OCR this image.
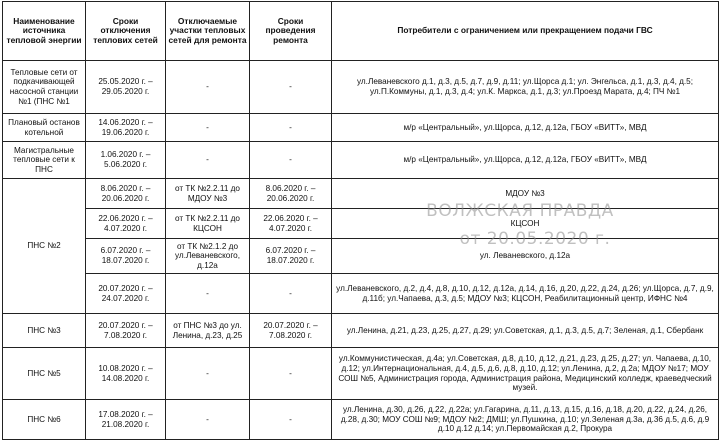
Наименование источника тепловой энергии	Сроки отключения теплових сетей	Отключаемые участки тепловых сетей для ремонта	Сроки проведения ремонта	Потребители с ограничением или прекращением подачи ГВС
Тепловые сети от подкачивающей насосной станции №1 (ПНС №1	25.05.2020 г. – 29.05.2020 г.	-	-	ул.Леваневского д.1, д.3, д.5, д.7, д.9, д.11; ул.Щорса д.1; ул. Энгельса, д.1, д.3, д.4, д.5; ул.П.Коммуны, д.1, д.3, д.4; ул.К. Маркса, д.1, д.3; ул.Проезд Марата, д.4; ПЧ №1
Плановый останов котельной	14.06.2020 г. – 19.06.2020 г.	-	-	м/р «Центральный», ул.Щорса, д.12, д.12а, ГБОУ «ВИТТ», МВД
Магистральные тепловые сети к ПНС	1.06.2020 г. – 5.06.2020 г.	-	-	м/р «Центральный», ул.Щорса, д.12, д.12а, ГБОУ «ВИТТ», МВД
ПНС №2	8.06.2020 г. – 20.06.2020 г.	от ТК №2.2.11 до МДОУ №3	8.06.2020 г. – 20.06.2020 г.	МДОУ №3
	22.06.2020 г. – 4.07.2020 г.	от ТК №2.2.11 до КЦСОН	22.06.2020 г. – 4.07.2020 г.	КЦСОН
	6.07.2020 г. – 18.07.2020 г.	от ТК №2.1.2 до ул.Леваневского, д.12а	6.07.2020 г. – 18.07.2020 г.	ул. Леваневского, д.12а
	20.07.2020 г. – 24.07.2020 г.	-	-	ул.Леваневского, д.2, д.4, д.8, д.10, д.12, д.12а, д.14, д.16, д.20, д.22, д.24, д.26; ул.Щорса, д.7, д.9, д.11б; ул.Чапаева, д.3, д.5; МДОУ №3; КЦСОН, Реабилитационный центр, ИФНС №4
ПНС №3	20.07.2020 г. – 7.08.2020 г.	от ПНС №3 до ул. Ленина, д.23, д.25	20.07.2020 г. – 7.08.2020 г.	ул.Ленина, д.21, д.23, д.25, д.27, д.29; ул.Советская, д.1, д.3, д.5, д.7; Зеленая, д.1, Сбербанк
ПНС №5	10.08.2020 г. – 14.08.2020 г.	-	-	ул.Коммунистическая, д.4а; ул.Советская, д.8, д.10, д.12, д.21, д.23, д.25, д.27; ул. Чапаева, д.10, д.12; ул.Интернациональная, д.4, д.5, д.6, д.8, д.10, д.12; ул.Ленина, д.2, д.2а; МДОУ №17; МОУ СОШ №5, Администрация города, Администрация района, Медицинский колледж, краеведческий музей.
ПНС №6	17.08.2020 г. – 21.08.2020 г.	-	-	ул.Ленина, д.30, д.26, д.22, д.22а; ул.Гагарина, д.11, д.13, д.15, д.16, д.18, д.20, д.22, д.24, д.26, д.28, д.30; МОУ СОШ №9; МДОУ №2; ДМШ; ул.Пушкина, д.10; ул.Зеленая д.3а, д.36 д.5, д.6, д.9 д.10 д.12 д.14; ул.Первомайская д.2, Прокура
ВОЛЖСКАЯ ПРАВДА
от 20.05.2020 г.
